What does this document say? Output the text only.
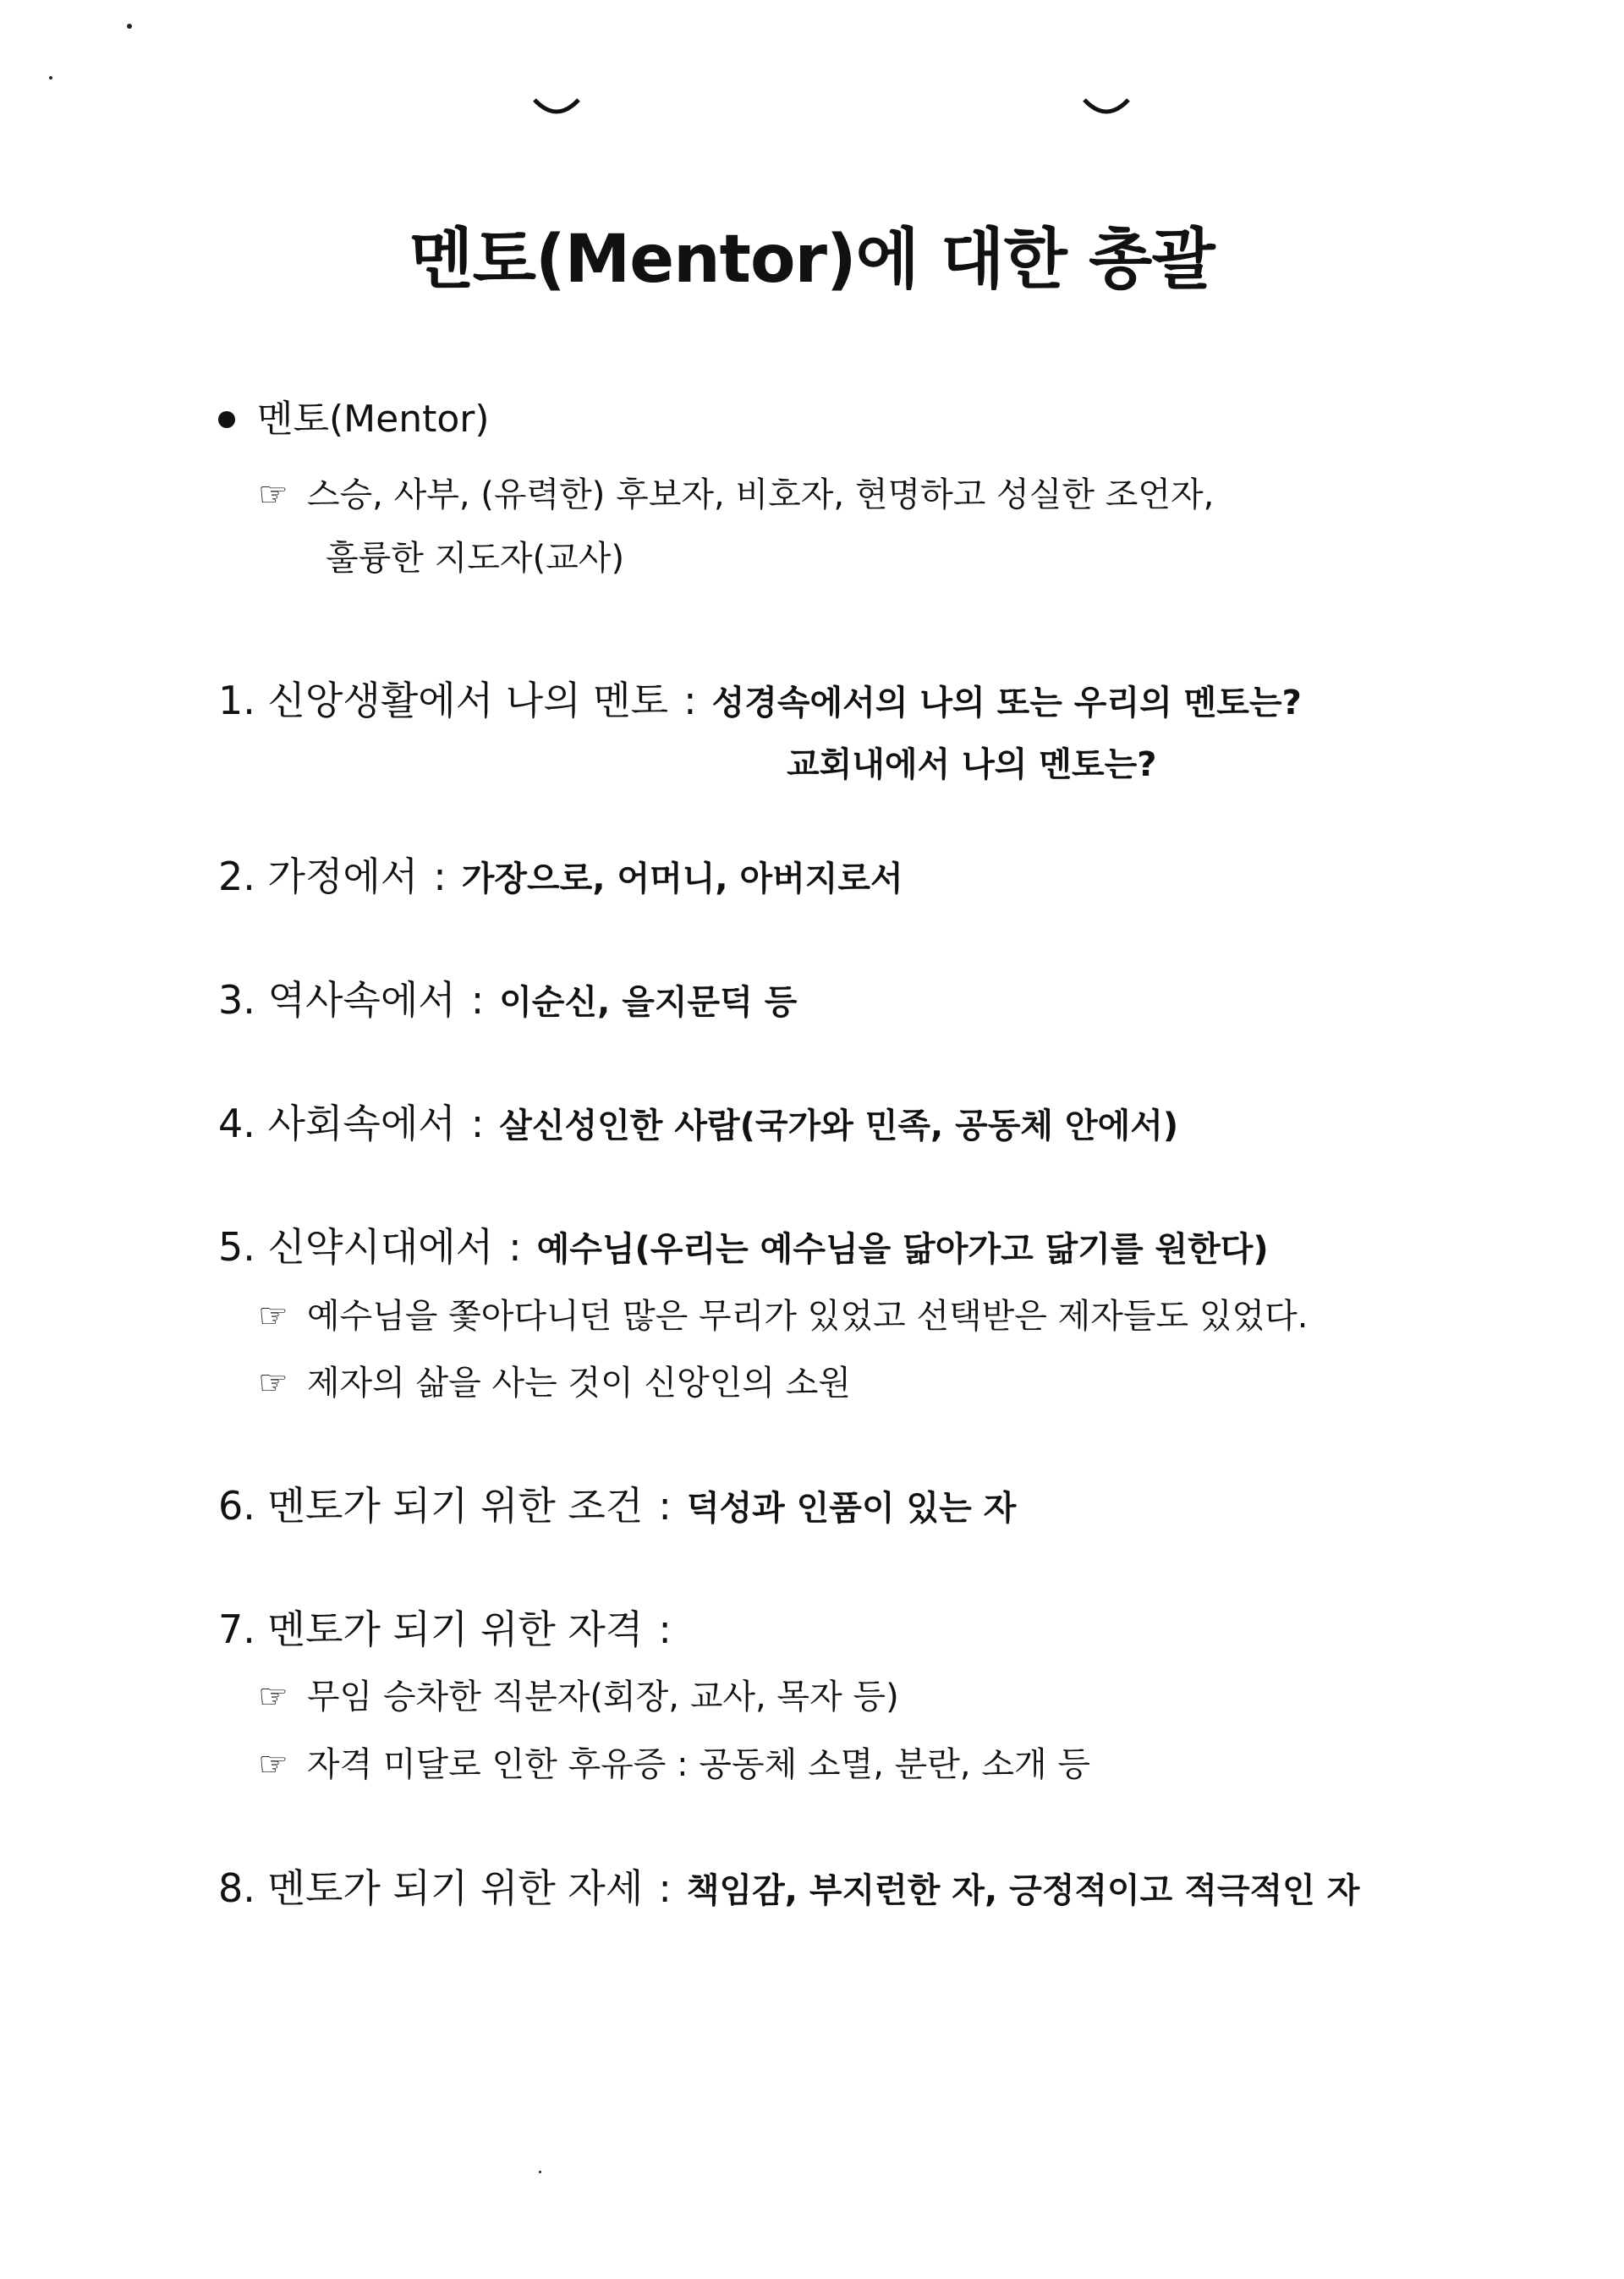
멘토(Mentor)에 대한 총괄
멘토(Mentor)
☞ 스승, 사부, (유력한) 후보자, 비호자, 현명하고 성실한 조언자,
훌륭한 지도자(교사)
1. 신앙생활에서 나의 멘토 : 성경속에서의 나의 또는 우리의 멘토는?
교회내에서 나의 멘토는?
2. 가정에서 : 가장으로, 어머니, 아버지로서
3. 역사속에서 : 이순신, 을지문덕 등
4. 사회속에서 : 살신성인한 사람(국가와 민족, 공동체 안에서)
5. 신약시대에서 : 예수님(우리는 예수님을 닮아가고 닮기를 원한다)
☞ 예수님을 쫓아다니던 많은 무리가 있었고 선택받은 제자들도 있었다.
☞ 제자의 삶을 사는 것이 신앙인의 소원
6. 멘토가 되기 위한 조건 : 덕성과 인품이 있는 자
7. 멘토가 되기 위한 자격 :
☞ 무임 승차한 직분자(회장, 교사, 목자 등)
☞ 자격 미달로 인한 후유증 : 공동체 소멸, 분란, 소개 등
8. 멘토가 되기 위한 자세 : 책임감, 부지런한 자, 긍정적이고 적극적인 자
